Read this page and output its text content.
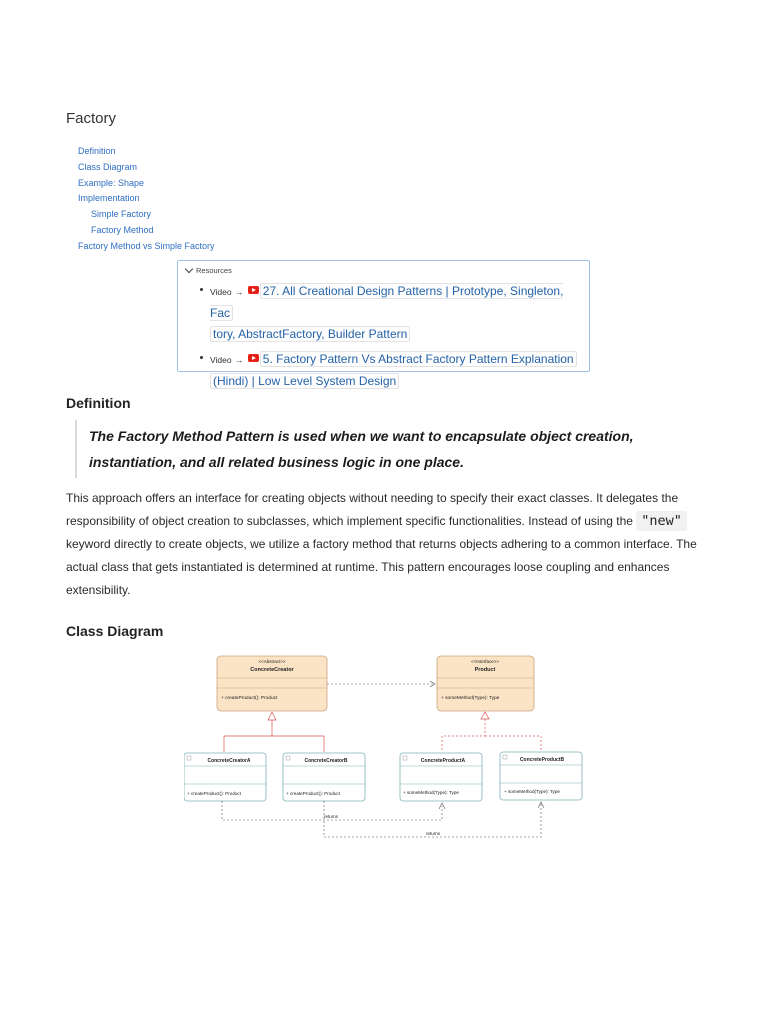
Factory
Definition
Class Diagram
Example: Shape
Implementation
Simple Factory
Factory Method
Factory Method vs Simple Factory
Resources
Video → 27. All Creational Design Patterns | Prototype, Singleton, Fac
tory, AbstractFactory, Builder Pattern
Video → 5. Factory Pattern Vs Abstract Factory Pattern Explanation
(Hindi) | Low Level System Design
Definition
The Factory Method Pattern is used when we want to encapsulate object creation, instantiation, and all related business logic in one place.

This approach offers an interface for creating objects without needing to specify their exact classes. It delegates the responsibility of object creation to subclasses, which implement specific functionalities. Instead of using the "new" keyword directly to create objects, we utilize a factory method that returns objects adhering to a common interface. The actual class that gets instantiated is determined at runtime. This pattern encourages loose coupling and enhances extensibility.

Class Diagram
<<Abstract>>
ConcreteCreator
+ createProduct(): Product
<<Interface>>
Product
+ someMethod(Type): Type
ConcreteCreatorA
+ createProduct(): Product
ConcreteCreatorB
+ createProduct(): Product
ConcreteProductA
+ someMethod(Type): Type
ConcreteProductB
+ someMethod(Type): Type
returns
returns
